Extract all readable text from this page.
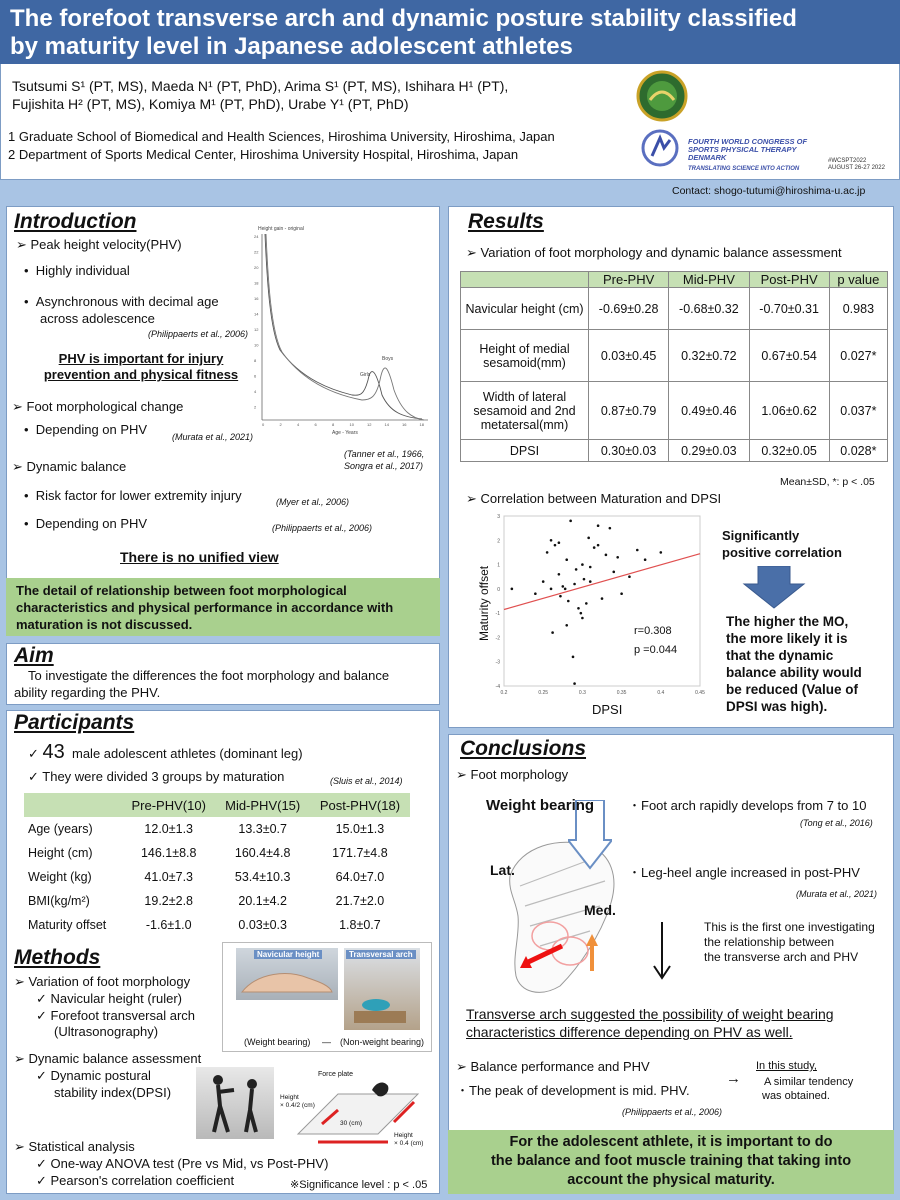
The forefoot transverse arch and dynamic posture stability classified
by maturity level in Japanese adolescent athletes
Tsutsumi S¹ (PT, MS), Maeda N¹ (PT, PhD), Arima S¹ (PT, MS), Ishihara H¹ (PT),
Fujishita H² (PT, MS), Komiya M¹ (PT, PhD), Urabe Y¹ (PT, PhD)
1 Graduate School of Biomedical and Health Sciences, Hiroshima University, Hiroshima, Japan
2 Department of Sports Medical Center, Hiroshima University Hospital, Hiroshima, Japan
FOURTH WORLD CONGRESS OF
SPORTS PHYSICAL THERAPY
DENMARK
TRANSLATING SCIENCE INTO ACTION
#WCSPT2022
AUGUST 26-27 2022
Contact: shogo-tutumi@hiroshima-u.ac.jp
Introduction
➢ Peak height velocity(PHV)
•  Highly individual
•  Asynchronous with decimal age
across adolescence
(Philippaerts et al., 2006)
PHV is important for injury
prevention and physical fitness
➢ Foot morphological change
•  Depending on PHV	(Murata et al., 2021)
➢ Dynamic balance
•  Risk factor for lower extremity injury	(Myer et al., 2006)
•  Depending on PHV	(Philippaerts et al., 2006)
There is no unified view
Height gain - original
24
22
20
18
16
14
12
10
8
6
4
2
0	2	4	6	8	10	12	14	16	18
Girls
Boys
Age - Years
(Tanner et al., 1966,
Songra et al., 2017)
The detail of relationship between foot morphological
characteristics and physical performance in accordance with
maturation is not discussed.
Aim
To investigate the differences the foot morphology and balance
ability regarding the PHV.
Participants
✓ 43 male adolescent athletes (dominant leg)
✓ They were divided 3 groups by maturation	(Sluis et al., 2014)
	Pre-PHV(10)	Mid-PHV(15)	Post-PHV(18)
Age (years)	12.0±1.3	13.3±0.7	15.0±1.3
Height (cm)	146.1±8.8	160.4±4.8	171.7±4.8
Weight (kg)	41.0±7.3	53.4±10.3	64.0±7.0
BMI(kg/m²)	19.2±2.8	20.1±4.2	21.7±2.0
Maturity offset	-1.6±1.0	0.03±0.3	1.8±0.7
Methods
➢ Variation of foot morphology
✓ Navicular height (ruler)
✓ Forefoot transversal arch
(Ultrasonography)
Navicular height	Transversal arch
(Weight bearing) — (Non-weight bearing)
➢ Dynamic balance assessment
✓ Dynamic postural
stability index(DPSI)
Force plate
Height
× 0.4/2 (cm)
30 (cm)
Height
× 0.4 (cm)
➢ Statistical analysis
✓ One-way ANOVA test (Pre vs Mid, vs Post-PHV)
✓ Pearson's correlation coefficient	※Significance level : p < .05
Results
➢ Variation of foot morphology and dynamic balance assessment
	Pre-PHV	Mid-PHV	Post-PHV	p value
Navicular height (cm)	-0.69±0.28	-0.68±0.32	-0.70±0.31	0.983
Height of medial sesamoid(mm)	0.03±0.45	0.32±0.72	0.67±0.54	0.027*
Width of lateral sesamoid and 2nd metatersal(mm)	0.87±0.79	0.49±0.46	1.06±0.62	0.037*
DPSI	0.30±0.03	0.29±0.03	0.32±0.05	0.028*
Mean±SD, *: p < .05
➢ Correlation between Maturation and DPSI
3
2
1
0
-1
-2
-3
-4
0.2	0.25	0.3	0.35	0.4	0.45
DPSI
Maturity offset	r=0.308
p =0.044
Significantly
positive correlation
The higher the MO,
the more likely it is
that the dynamic
balance ability would
be reduced (Value of
DPSI was high).
Conclusions
➢ Foot morphology
Weight bearing
Lat.
Med.
・Foot arch rapidly develops from 7 to 10
(Tong et al., 2016)
・Leg-heel angle increased in post-PHV
(Murata et al., 2021)
This is the first one investigating
the relationship between
the transverse arch and PHV
Transverse arch suggested the possibility of weight bearing
characteristics difference depending on PHV as well.
➢ Balance performance and PHV
・The peak of development is mid. PHV.
→
In this study,
A similar tendency
was obtained.
(Philippaerts et al., 2006)
For the adolescent athlete, it is important to do
the balance and foot muscle training that taking into
account the physical maturity.
